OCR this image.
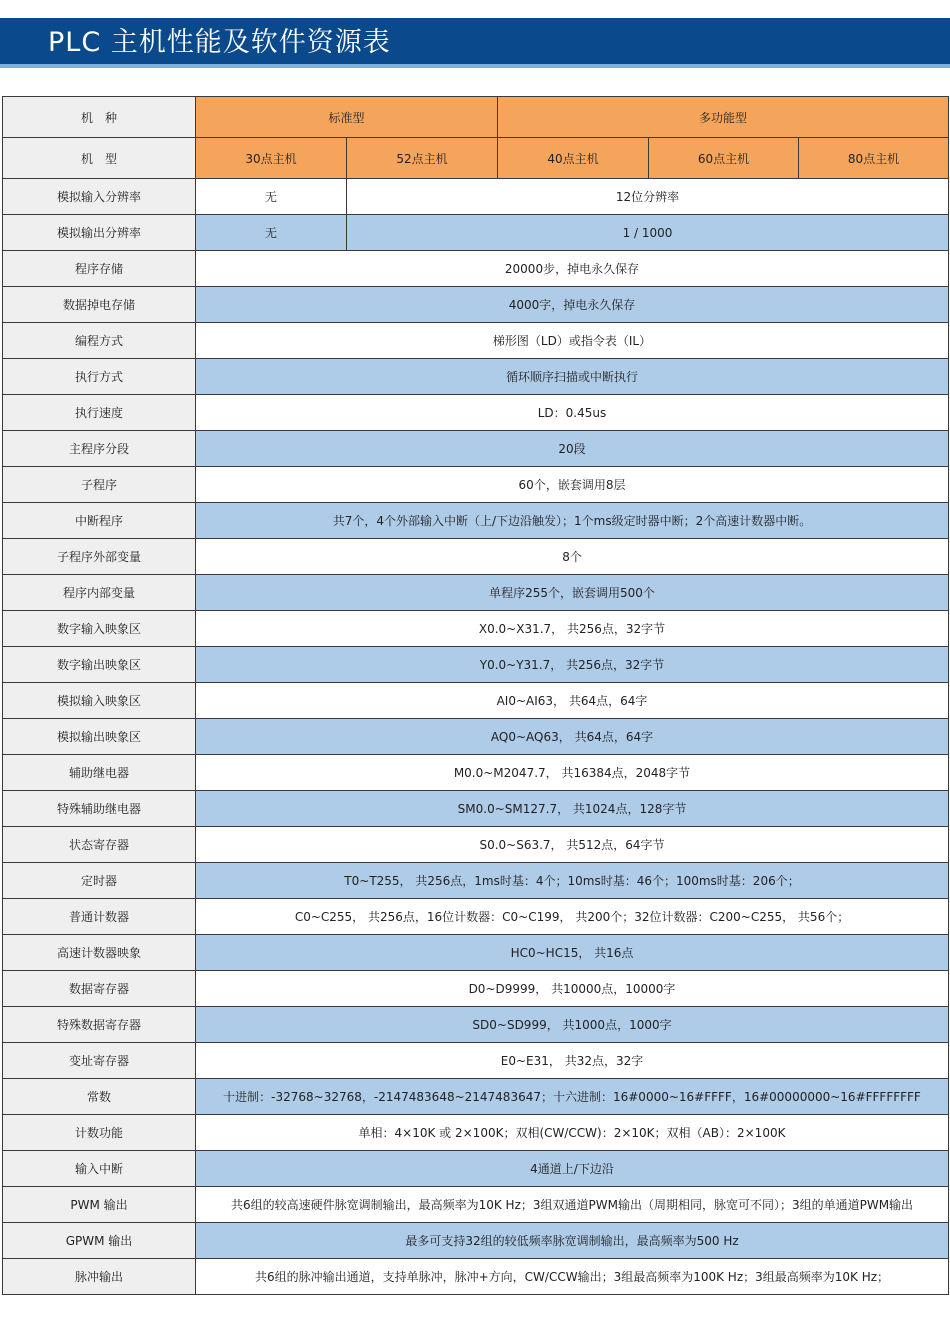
PLC 主机性能及软件资源表
机　种	标准型		多功能型		
机　型	30点主机	52点主机	40点主机	60点主机	80点主机
模拟输入分辨率	无	12位分辨率			
模拟输出分辨率	无	1 / 1000			
程序存储	20000步，掉电永久保存				
数据掉电存储	4000字，掉电永久保存				
编程方式	梯形图（LD）或指令表（IL）				
执行方式	循环顺序扫描或中断执行				
执行速度	LD：0.45us				
主程序分段	20段				
子程序	60个，嵌套调用8层				
中断程序	共7个，4个外部输入中断（上/下边沿触发）；1个ms级定时器中断；2个高速计数器中断。				
子程序外部变量	8个				
程序内部变量	单程序255个，嵌套调用500个				
数字输入映象区	X0.0~X31.7， 共256点，32字节				
数字输出映象区	Y0.0~Y31.7， 共256点，32字节				
模拟输入映象区	AI0~AI63， 共64点，64字				
模拟输出映象区	AQ0~AQ63， 共64点，64字				
辅助继电器	M0.0~M2047.7， 共16384点，2048字节				
特殊辅助继电器	SM0.0~SM127.7， 共1024点，128字节				
状态寄存器	S0.0~S63.7， 共512点，64字节				
定时器	T0~T255， 共256点，1ms时基：4个；10ms时基：46个；100ms时基：206个；				
普通计数器	C0~C255， 共256点，16位计数器：C0~C199， 共200个；32位计数器：C200~C255， 共56个；				
高速计数器映象	HC0~HC15， 共16点				
数据寄存器	D0~D9999， 共10000点，10000字				
特殊数据寄存器	SD0~SD999， 共1000点，1000字				
变址寄存器	E0~E31， 共32点，32字				
常数	十进制：-32768~32768，-2147483648~2147483647；十六进制：16#0000~16#FFFF，16#00000000~16#FFFFFFFF				
计数功能	单相：4×10K 或 2×100K；双相(CW/CCW)：2×10K；双相（AB）：2×100K				
输入中断	4通道上/下边沿				
PWM 输出	共6组的较高速硬件脉宽调制输出，最高频率为10K Hz；3组双通道PWM输出（周期相同，脉宽可不同）；3组的单通道PWM输出				
GPWM 输出	最多可支持32组的较低频率脉宽调制输出，最高频率为500 Hz				
脉冲输出	共6组的脉冲输出通道，支持单脉冲，脉冲+方向，CW/CCW输出；3组最高频率为100K Hz；3组最高频率为10K Hz；				
